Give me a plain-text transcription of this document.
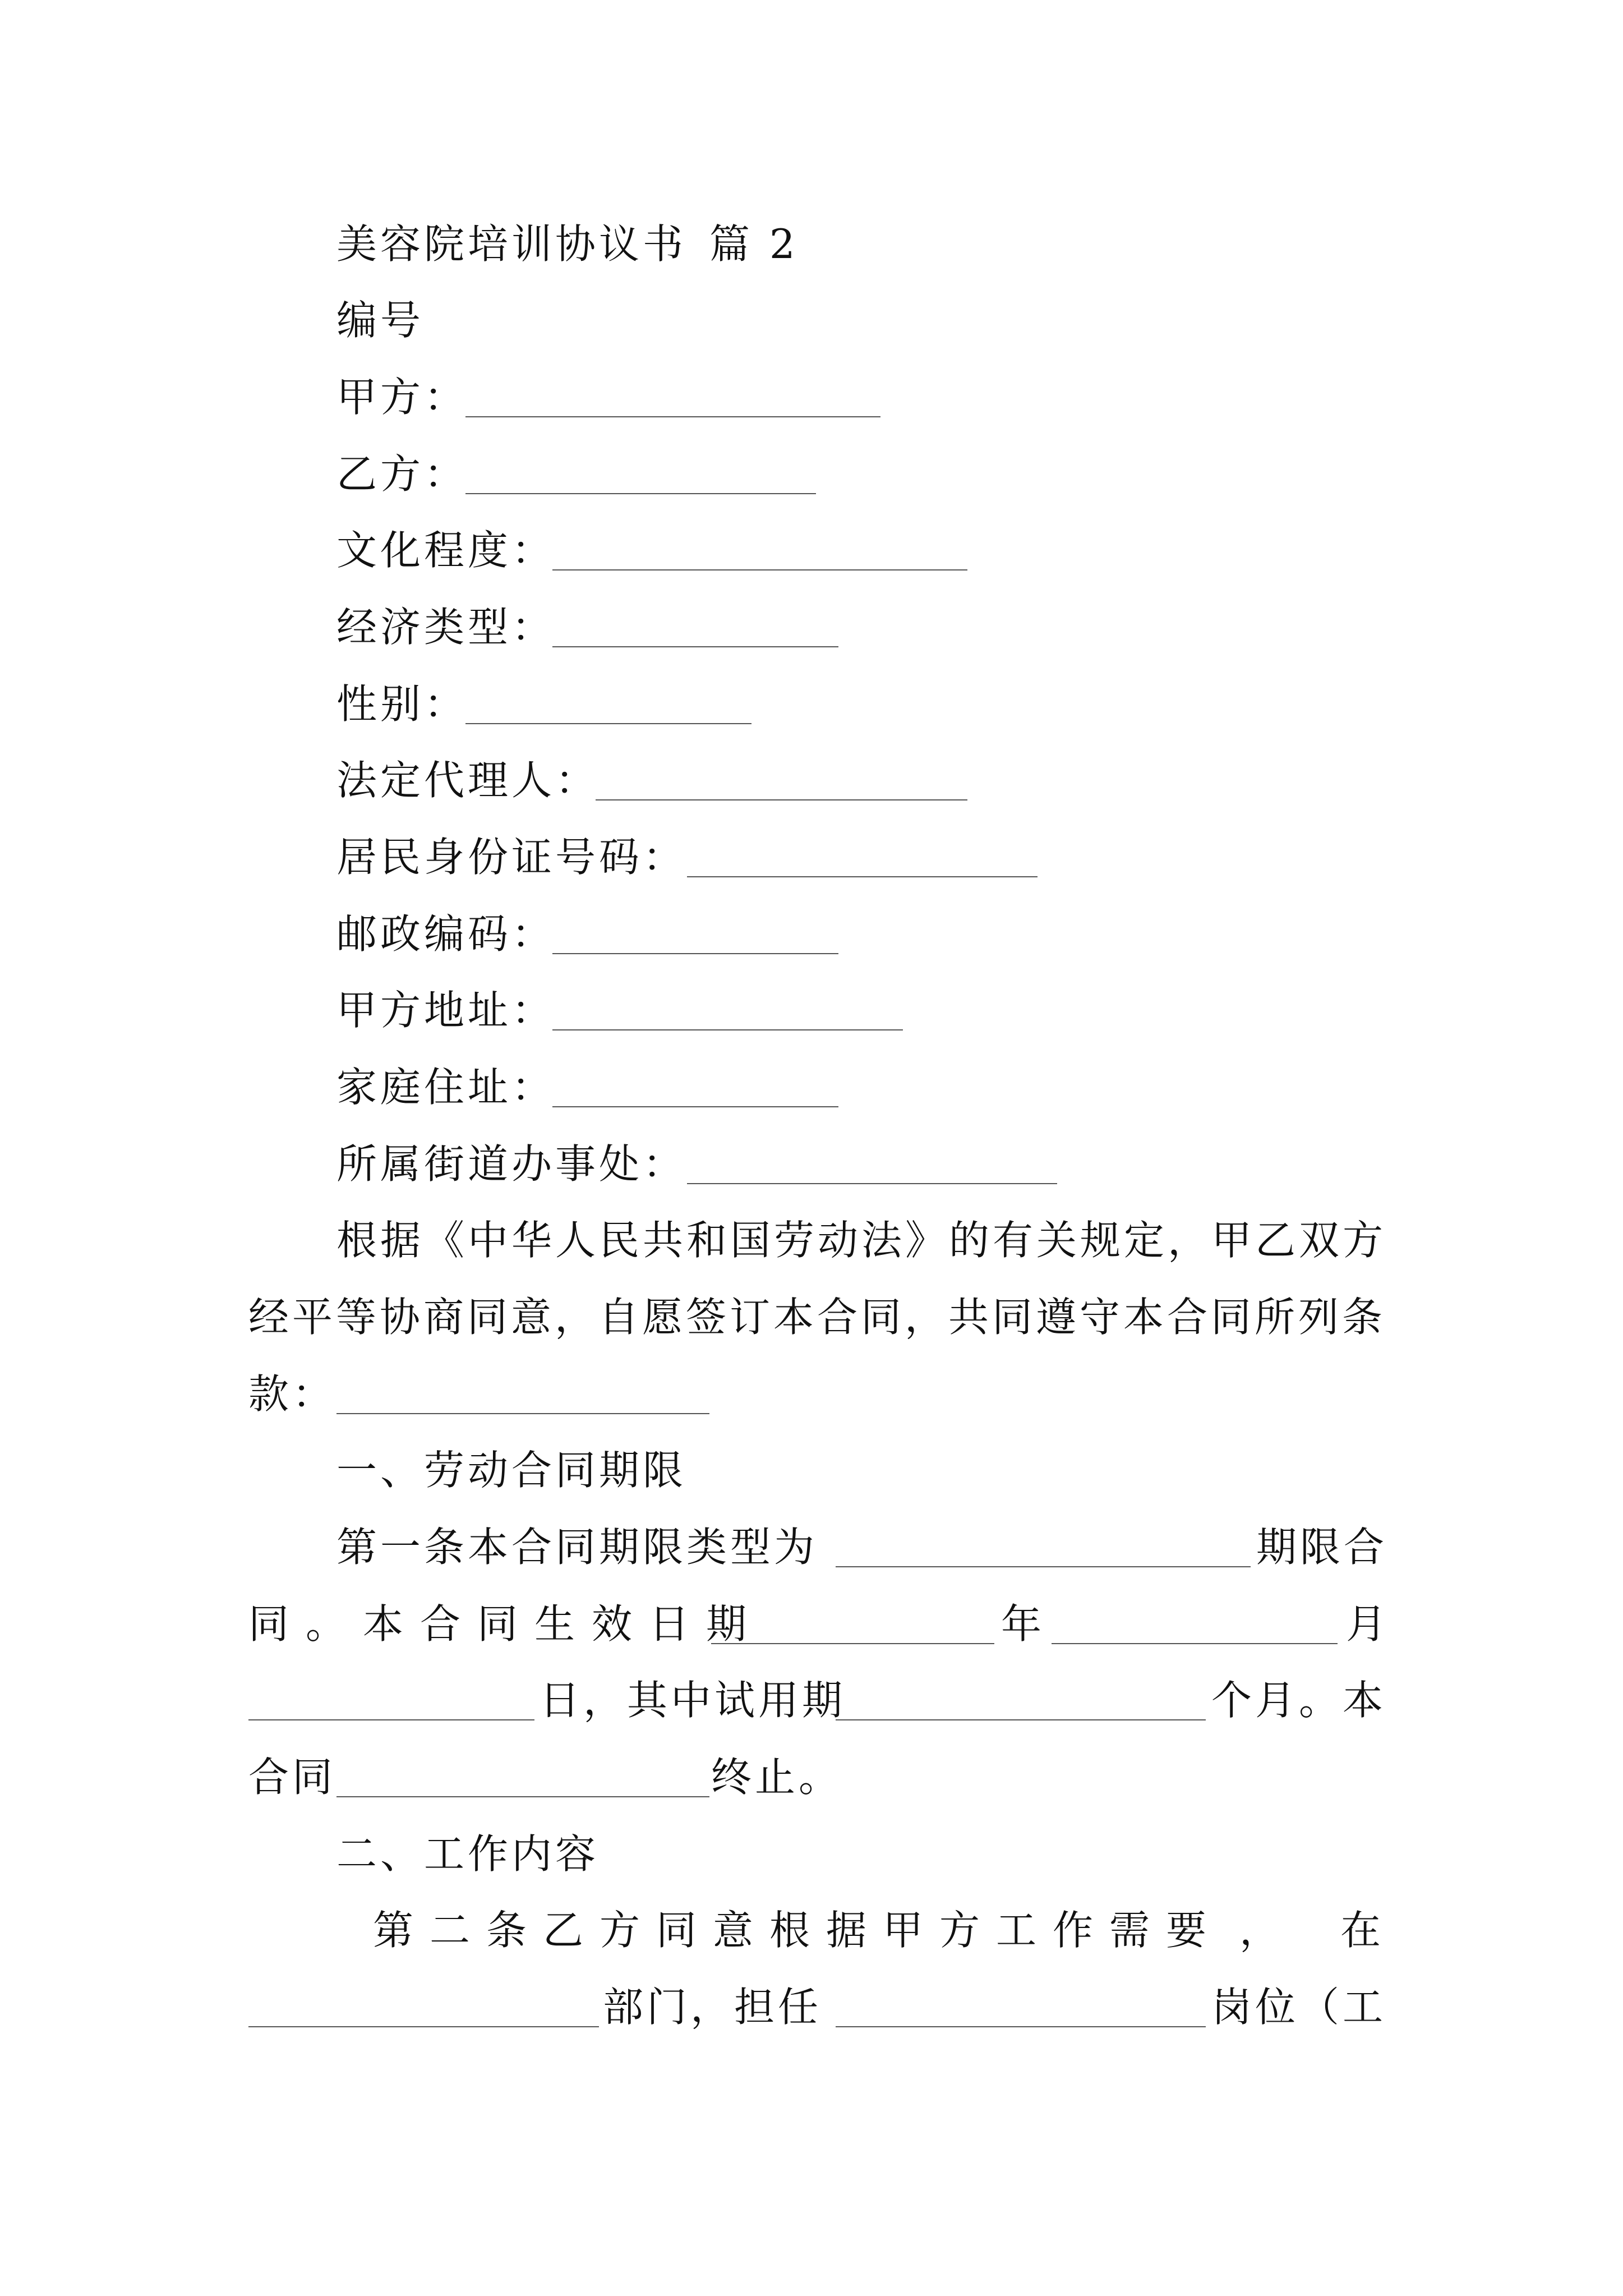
美容院培训协议书 篇 2
编号
甲方：
乙方：
文化程度：
经济类型：
性别：
法定代理人：
居民身份证号码：
邮政编码：
甲方地址：
家庭住址：
所属街道办事处：
根据《中华人民共和国劳动法》的有关规定，甲乙双方
经平等协商同意，自愿签订本合同，共同遵守本合同所列条
款：
一、劳动合同期限
第一条本合同期限类型为	期限合
同。本合同生效日期	年	月
日，其中试用期	个月。本
合同	终止。
二、工作内容
第 二 条 乙 方 同 意 根 据 甲 方 工 作 需 要 ， 在
部门，担任	岗位（工
